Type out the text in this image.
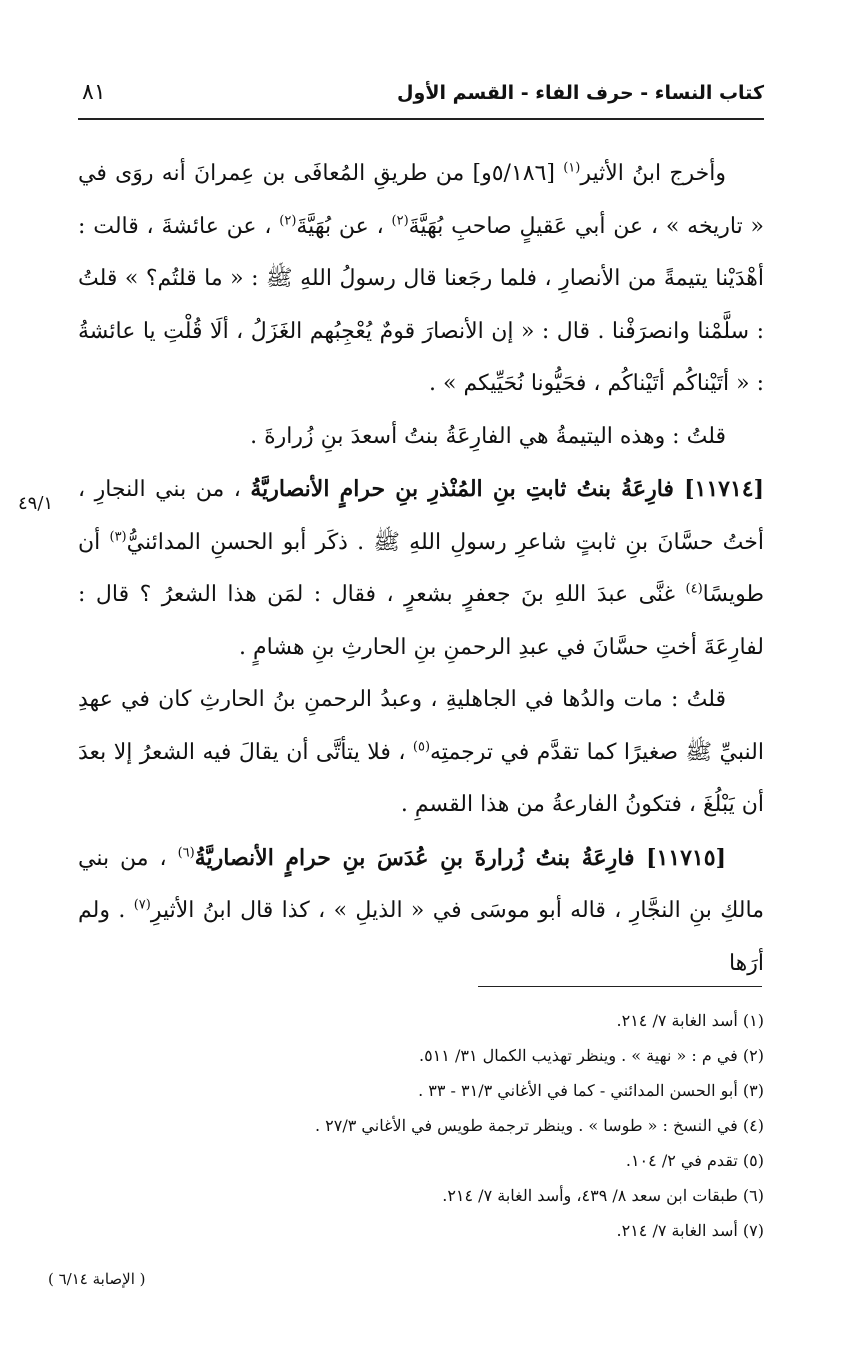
كتاب النساء - حرف الفاء - القسم الأول
٨١
٤٩/١

وأخرج ابنُ الأثير$^{(١)}$ [٥/١٨٦و] من طريقِ المُعافَى بن عِمرانَ أنه روَى في « تاريخه » ، عن أبي عَقيلٍ صاحبِ بُهَيَّةَ$^{(٢)}$ ، عن بُهَيَّةَ$^{(٢)}$ ، عن عائشةَ ، قالت : أهْدَيْنا يتيمةً من الأنصارِ ، فلما رجَعنا قال رسولُ اللهِ ﷺ : « ما قلتُم؟ » قلتُ : سلَّمْنا وانصرَفْنا . قال : « إن الأنصارَ قومٌ يُعْجِبُهم الغَزَلُ ، ألَا قُلْتِ يا عائشةُ : « أتَيْناكُم أتَيْناكُم ، فحَيُّونا نُحَيِّيكم » .

قلتُ : وهذه اليتيمةُ هي الفارِعَةُ بنتُ أسعدَ بنِ زُرارةَ .

[١١٧١٤] فارِعَةُ بنتُ ثابتِ بنِ المُنْذرِ بنِ حرامٍ الأنصاريَّةُ ، من بني النجارِ ، أختُ حسَّانَ بنِ ثابتٍ شاعرِ رسولِ اللهِ ﷺ . ذكَر أبو الحسنِ المدائنيُّ$^{(٣)}$ أن طويسًا$^{(٤)}$ غنَّى عبدَ اللهِ بنَ جعفرٍ بشعرٍ ، فقال : لمَن هذا الشعرُ ؟ قال : لفارِعَةَ أختِ حسَّانَ في عبدِ الرحمنِ بنِ الحارثِ بنِ هشامٍ .

قلتُ : مات والدُها في الجاهليةِ ، وعبدُ الرحمنِ بنُ الحارثِ كان في عهدِ النبيِّ ﷺ صغيرًا كما تقدَّم في ترجمتِه$^{(٥)}$ ، فلا يتأتَّى أن يقالَ فيه الشعرُ إلا بعدَ أن يَبْلُغَ ، فتكونُ الفارعةُ من هذا القسمِ .

[١١٧١٥] فارِعَةُ بنتُ زُرارةَ بنِ عُدَسَ بنِ حرامٍ الأنصاريَّةُ$^{(٦)}$ ، من بني مالكِ بنِ النجَّارِ ، قاله أبو موسَى في « الذيلِ » ، كذا قال ابنُ الأثيرِ$^{(٧)}$ . ولم أرَها

(١) أسد الغابة ٧/ ٢١٤.
(٢) في م : « نهية » . وينظر تهذيب الكمال ٣١/ ٥١١.
(٣) أبو الحسن المدائني - كما في الأغاني ٣١/٣ - ٣٣ .
(٤) في النسخ : « طوسا » . وينظر ترجمة طويس في الأغاني ٢٧/٣ .
(٥) تقدم في ٢/ ١٠٤.
(٦) طبقات ابن سعد ٨/ ٤٣٩، وأسد الغابة ٧/ ٢١٤.
(٧) أسد الغابة ٧/ ٢١٤.
( الإصابة ٦/١٤ )
